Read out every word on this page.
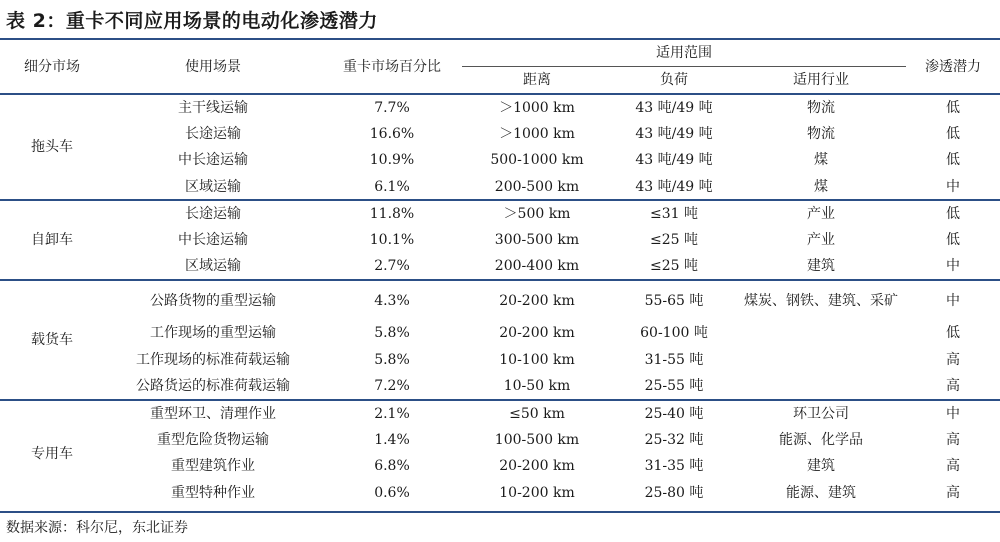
表 2：重卡不同应用场景的电动化渗透潜力
细分市场	使用场景	重卡市场百分比	适用范围			渗透潜力
			距离	负荷	适用行业	
拖头车	主干线运输	7.7%	＞1000 km	43 吨/49 吨	物流	低
	长途运输	16.6%	＞1000 km	43 吨/49 吨	物流	低
	中长途运输	10.9%	500-1000 km	43 吨/49 吨	煤	低
	区域运输	6.1%	200-500 km	43 吨/49 吨	煤	中
自卸车	长途运输	11.8%	＞500 km	≤31 吨	产业	低
	中长途运输	10.1%	300-500 km	≤25 吨	产业	低
	区域运输	2.7%	200-400 km	≤25 吨	建筑	中
载货车	公路货物的重型运输	4.3%	20-200 km	55-65 吨	煤炭、钢铁、建筑、采矿	中
	工作现场的重型运输	5.8%	20-200 km	60-100 吨		低
	工作现场的标准荷载运输	5.8%	10-100 km	31-55 吨		高
	公路货运的标准荷载运输	7.2%	10-50 km	25-55 吨		高
专用车	重型环卫、清理作业	2.1%	≤50 km	25-40 吨	环卫公司	中
	重型危险货物运输	1.4%	100-500 km	25-32 吨	能源、化学品	高
	重型建筑作业	6.8%	20-200 km	31-35 吨	建筑	高
	重型特种作业	0.6%	10-200 km	25-80 吨	能源、建筑	高
数据来源：科尔尼，东北证券
